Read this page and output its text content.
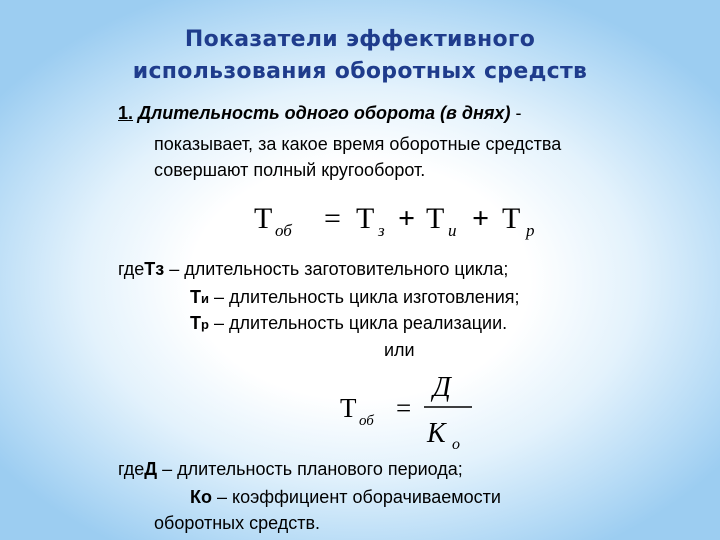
Показатели эффективного
использования оборотных средств
1. Длительность одного оборота (в днях) -
показывает, за какое время оборотные средства
совершают полный кругооборот.
Т об = Т з + Т и + Т р
гдеТз – длительность заготовительного цикла;
Ти – длительность цикла изготовления;
Тр – длительность цикла реализации.
или
Т об =
Д
К о
гдеД – длительность планового периода;
Ко – коэффициент оборачиваемости
оборотных средств.
